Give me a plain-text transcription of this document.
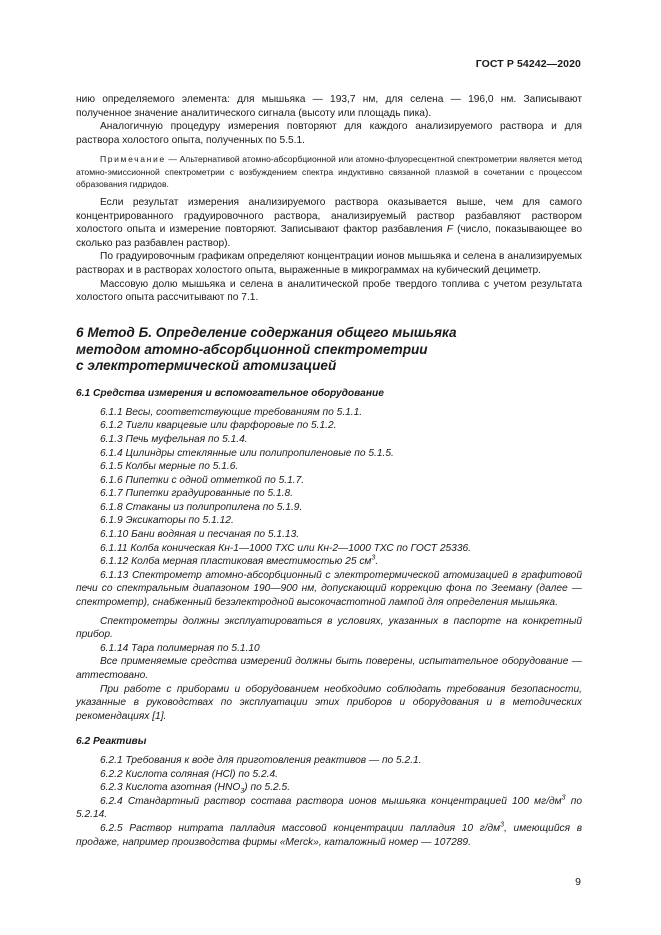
ГОСТ Р 54242—2020

нию определяемого элемента: для мышьяка — 193,7 нм, для селена — 196,0 нм. Записывают полученное значение аналитического сигнала (высоту или площадь пика).

Аналогичную процедуру измерения повторяют для каждого анализируемого раствора и для раствора холостого опыта, полученных по 5.5.1.

Примечание — Альтернативой атомно-абсорбционной или атомно-флуоресцентной спектрометрии является метод атомно-эмиссионной спектрометрии с возбуждением спектра индуктивно связанной плазмой в сочетании с процессом образования гидридов.

Если результат измерения анализируемого раствора оказывается выше, чем для самого концентрированного градуировочного раствора, анализируемый раствор разбавляют раствором холостого опыта и измерение повторяют. Записывают фактор разбавления F (число, показывающее во сколько раз разбавлен раствор).

По градуировочным графикам определяют концентрации ионов мышьяка и селена в анализируемых растворах и в растворах холостого опыта, выраженные в микрограммах на кубический дециметр.

Массовую долю мышьяка и селена в аналитической пробе твердого топлива с учетом результата холостого опыта рассчитывают по 7.1.

6 Метод Б. Определение содержания общего мышьяка

методом атомно-абсорбционной спектрометрии

с электротермической атомизацией

6.1 Средства измерения и вспомогательное оборудование

6.1.1 Весы, соответствующие требованиям по 5.1.1.

6.1.2 Тигли кварцевые или фарфоровые по 5.1.2.

6.1.3 Печь муфельная по 5.1.4.

6.1.4 Цилиндры стеклянные или полипропиленовые по 5.1.5.

6.1.5 Колбы мерные по 5.1.6.

6.1.6 Пипетки с одной отметкой по 5.1.7.

6.1.7 Пипетки градуированные по 5.1.8.

6.1.8 Стаканы из полипропилена по 5.1.9.

6.1.9 Эксикаторы по 5.1.12.

6.1.10 Бани водяная и песчаная по 5.1.13.

6.1.11 Колба коническая Кн-1—1000 ТХС или Кн-2—1000 ТХС по ГОСТ 25336.

6.1.12 Колба мерная пластиковая вместимостью 25 $см^3$.

6.1.13 Спектрометр атомно-абсорбционный с электротермической атомизацией в графитовой печи со спектральным диапазоном 190—900 нм, допускающий коррекцию фона по Зееману (далее — спектрометр), снабженный безэлектродной высокочастотной лампой для определения мышьяка.

Спектрометры должны эксплуатироваться в условиях, указанных в паспорте на конкретный прибор.

6.1.14 Тара полимерная по 5.1.10

Все применяемые средства измерений должны быть поверены, испытательное оборудование — аттестовано.

При работе с приборами и оборудованием необходимо соблюдать требования безопасности, указанные в руководствах по эксплуатации этих приборов и оборудования и в методических рекомендациях [1].

6.2 Реактивы

6.2.1 Требования к воде для приготовления реактивов — по 5.2.1.

6.2.2 Кислота соляная (HCl) по 5.2.4.

6.2.3 Кислота азотная $(HNO_3)$ по 5.2.5.

6.2.4 Стандартный раствор состава раствора ионов мышьяка концентрацией 100 $мг/дм^3$ по 5.2.14.

6.2.5 Раствор нитрата палладия массовой концентрации палладия 10 $г/дм^3$, имеющийся в продаже, например производства фирмы «Merck», каталожный номер — 107289.

9
